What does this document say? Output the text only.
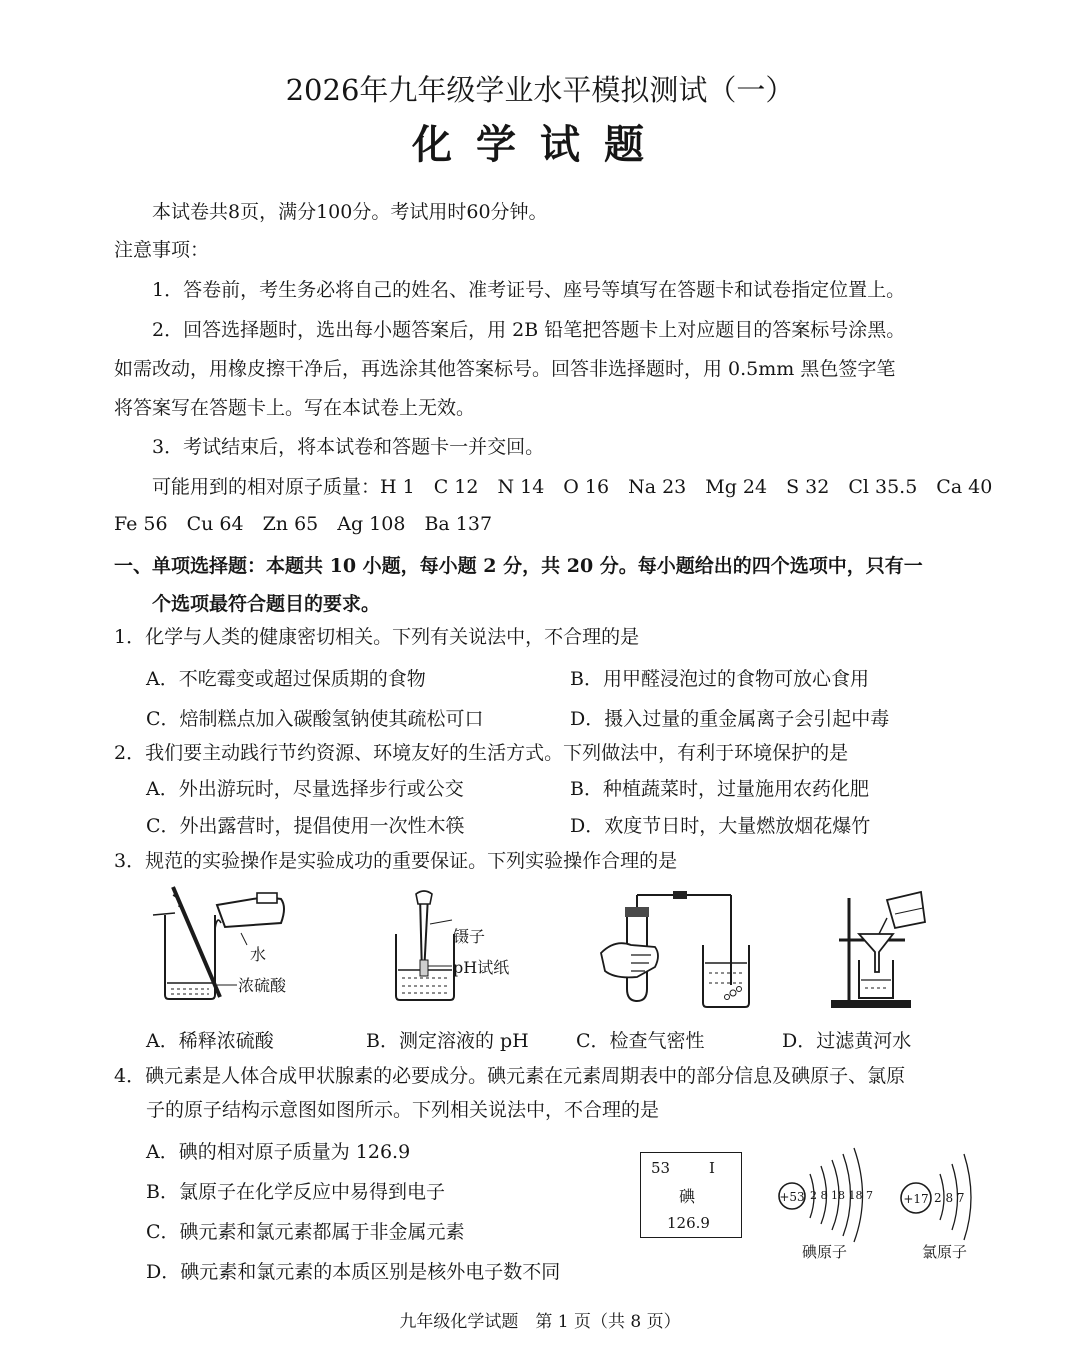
2026年九年级学业水平模拟测试（一）
化学试题
本试卷共8页，满分100分。考试用时60分钟。
注意事项：
1．答卷前，考生务必将自己的姓名、准考证号、座号等填写在答题卡和试卷指定位置上。
2．回答选择题时，选出每小题答案后，用 2B 铅笔把答题卡上对应题目的答案标号涂黑。
如需改动，用橡皮擦干净后，再选涂其他答案标号。回答非选择题时，用 0.5mm 黑色签字笔
将答案写在答题卡上。写在本试卷上无效。
3．考试结束后，将本试卷和答题卡一并交回。
可能用到的相对原子质量：H 1　C 12　N 14　O 16　Na 23　Mg 24　S 32　Cl 35.5　Ca 40
Fe 56　Cu 64　Zn 65　Ag 108　Ba 137
一、单项选择题：本题共 10 小题，每小题 2 分，共 20 分。每小题给出的四个选项中，只有一
个选项最符合题目的要求。
1．化学与人类的健康密切相关。下列有关说法中，不合理的是
A．不吃霉变或超过保质期的食物	B．用甲醛浸泡过的食物可放心食用
C．焙制糕点加入碳酸氢钠使其疏松可口	D．摄入过量的重金属离子会引起中毒
2．我们要主动践行节约资源、环境友好的生活方式。下列做法中，有利于环境保护的是
A．外出游玩时，尽量选择步行或公交	B．种植蔬菜时，过量施用农药化肥
C．外出露营时，提倡使用一次性木筷	D．欢度节日时，大量燃放烟花爆竹
3．规范的实验操作是实验成功的重要保证。下列实验操作合理的是
水
浓硫酸
镊子
pH试纸
A．稀释浓硫酸	B．测定溶液的 pH C．检查气密性	D．过滤黄河水
4．碘元素是人体合成甲状腺素的必要成分。碘元素在元素周期表中的部分信息及碘原子、氯原
子的原子结构示意图如图所示。下列相关说法中，不合理的是
A．碘的相对原子质量为 126.9
B．氯原子在化学反应中易得到电子
C．碘元素和氯元素都属于非金属元素
D．碘元素和氯元素的本质区别是核外电子数不同
53	I
碘
126.9
+53 2 8 18 18 7
碘原子
+17 2 8 7
氯原子
九年级化学试题　第 1 页（共 8 页）
